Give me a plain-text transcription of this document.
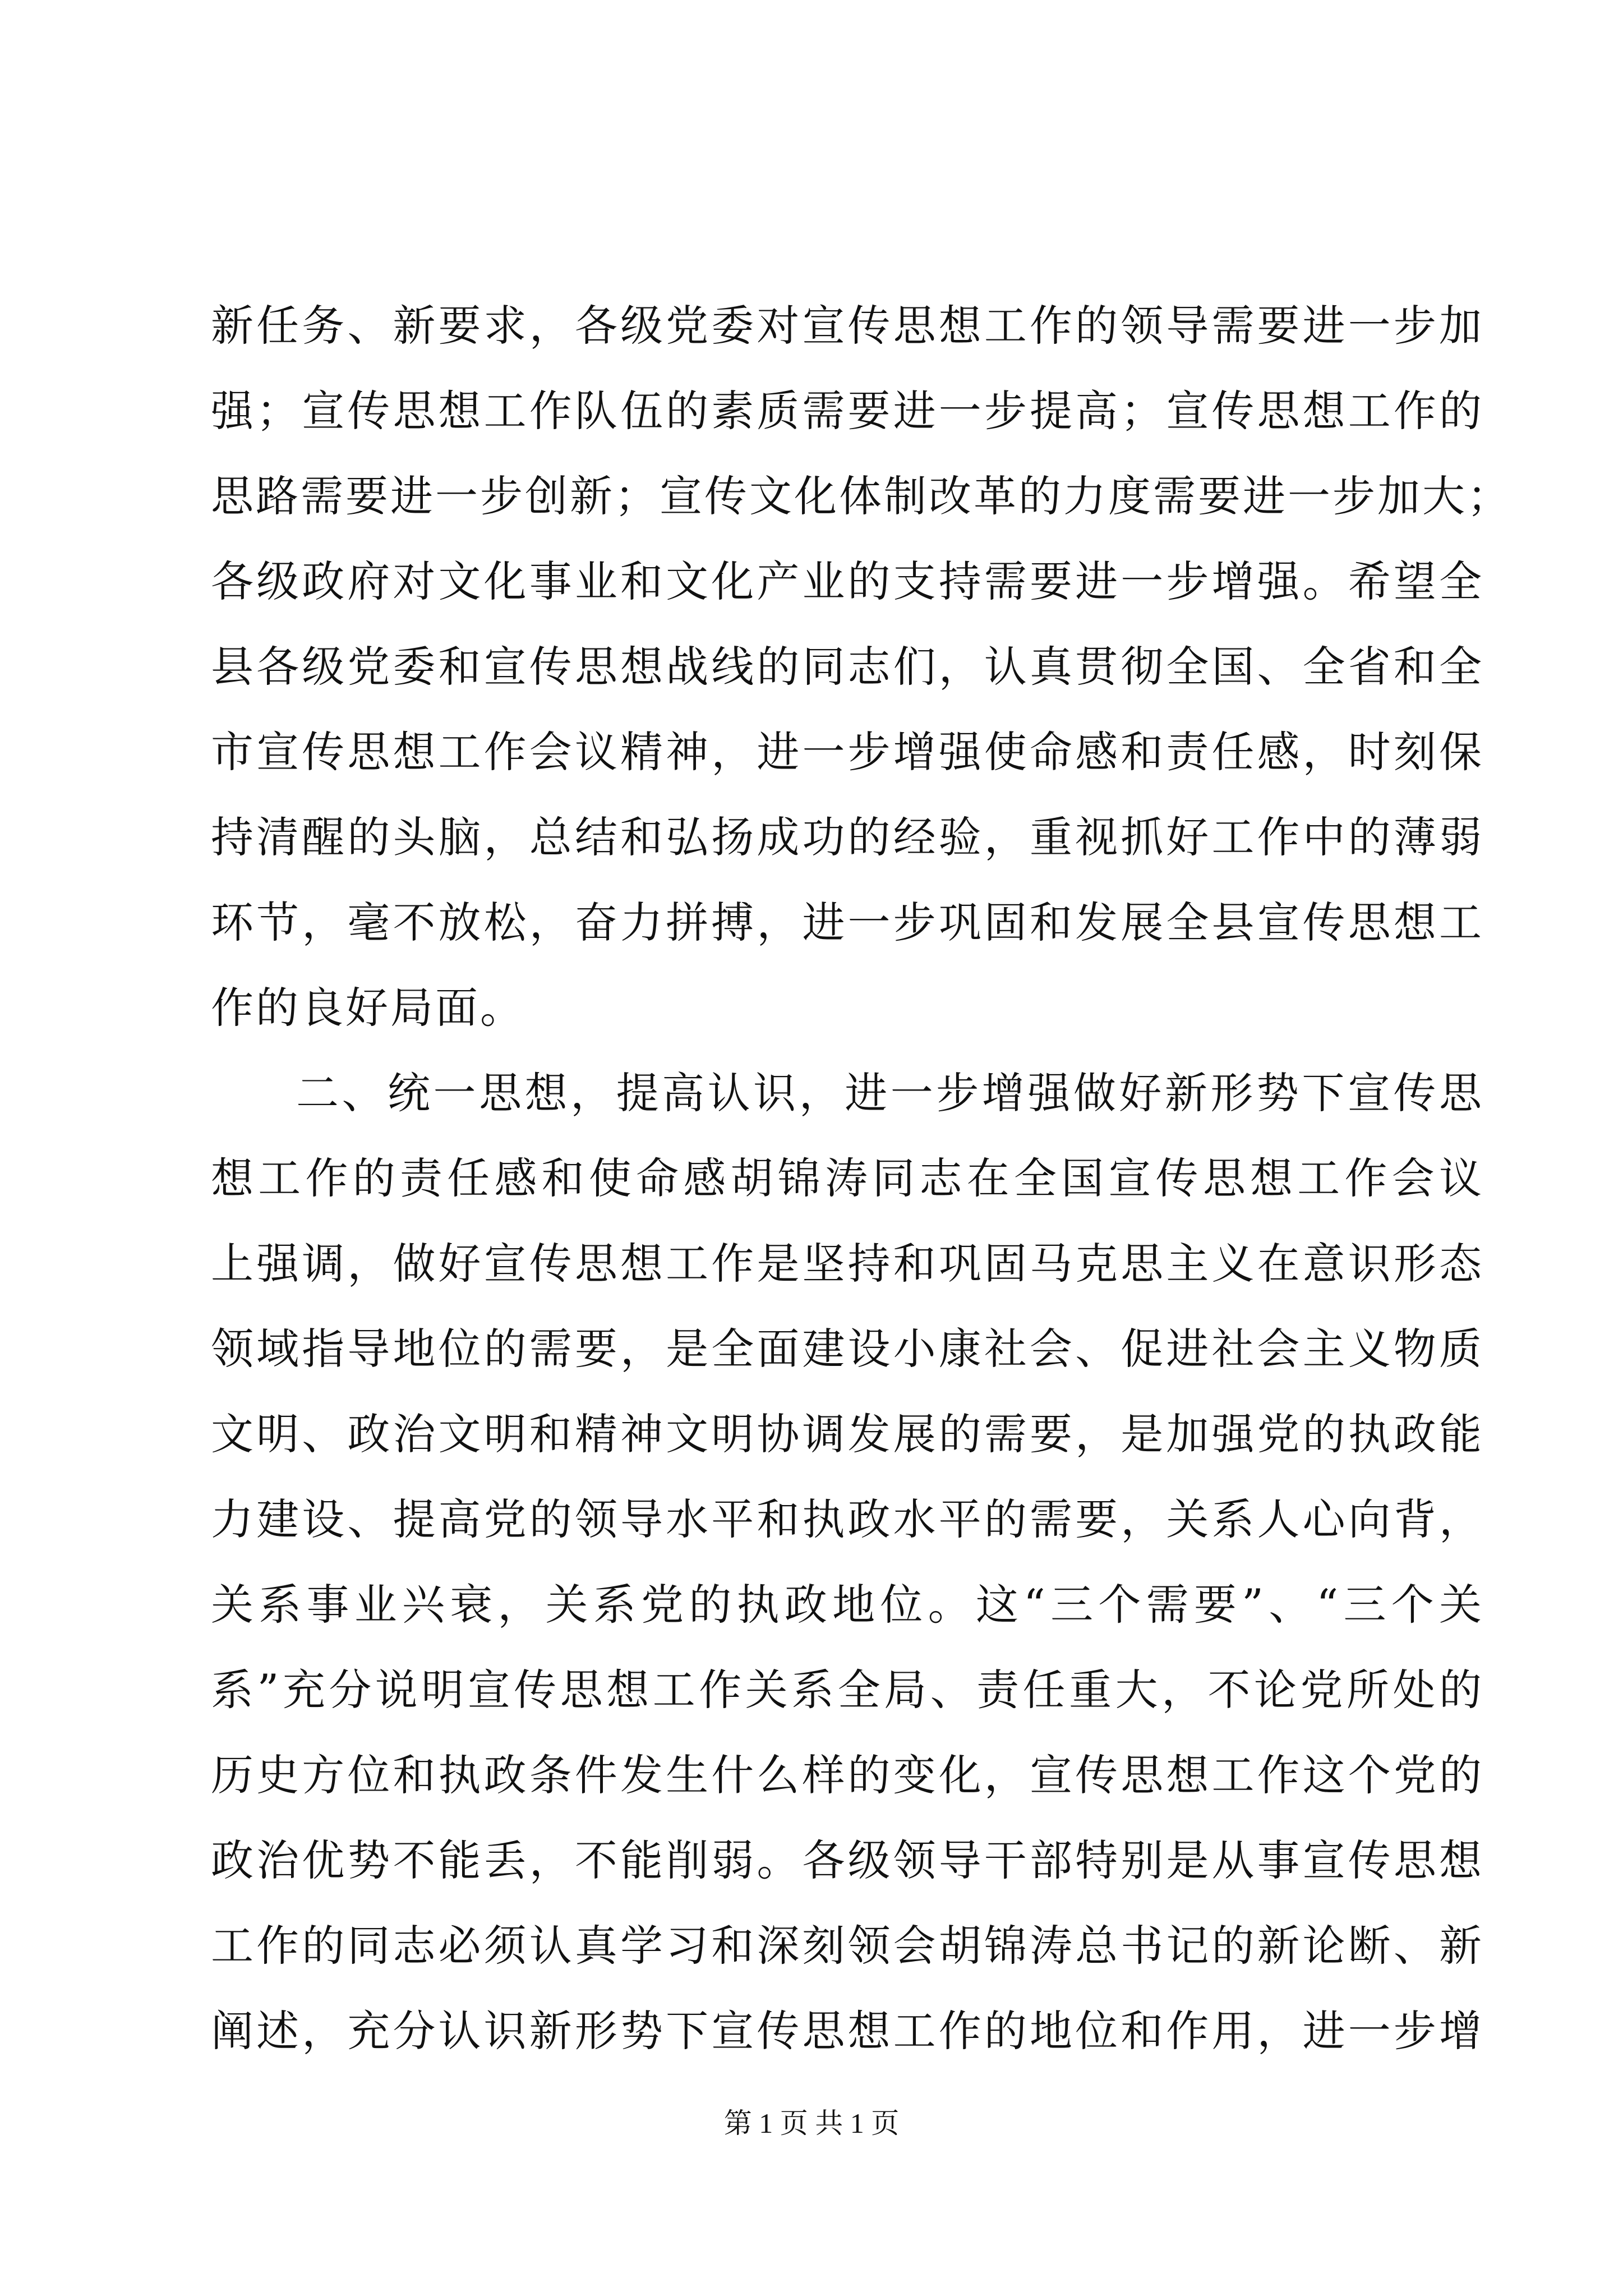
新任务、新要求，各级党委对宣传思想工作的领导需要进一步加
强；宣传思想工作队伍的素质需要进一步提高；宣传思想工作的
思路需要进一步创新；宣传文化体制改革的力度需要进一步加大；
各级政府对文化事业和文化产业的支持需要进一步增强。希望全
县各级党委和宣传思想战线的同志们，认真贯彻全国、全省和全
市宣传思想工作会议精神，进一步增强使命感和责任感，时刻保
持清醒的头脑，总结和弘扬成功的经验，重视抓好工作中的薄弱
环节，毫不放松，奋力拼搏，进一步巩固和发展全县宣传思想工
作的良好局面。
二、统一思想，提高认识，进一步增强做好新形势下宣传思
想工作的责任感和使命感胡锦涛同志在全国宣传思想工作会议
上强调，做好宣传思想工作是坚持和巩固马克思主义在意识形态
领域指导地位的需要，是全面建设小康社会、促进社会主义物质
文明、政治文明和精神文明协调发展的需要，是加强党的执政能
力建设、提高党的领导水平和执政水平的需要，关系人心向背，
关系事业兴衰，关系党的执政地位。这“三个需要”、“三个关
系”充分说明宣传思想工作关系全局、责任重大，不论党所处的
历史方位和执政条件发生什么样的变化，宣传思想工作这个党的
政治优势不能丢，不能削弱。各级领导干部特别是从事宣传思想
工作的同志必须认真学习和深刻领会胡锦涛总书记的新论断、新
阐述，充分认识新形势下宣传思想工作的地位和作用，进一步增
第 1 页 共 1 页
